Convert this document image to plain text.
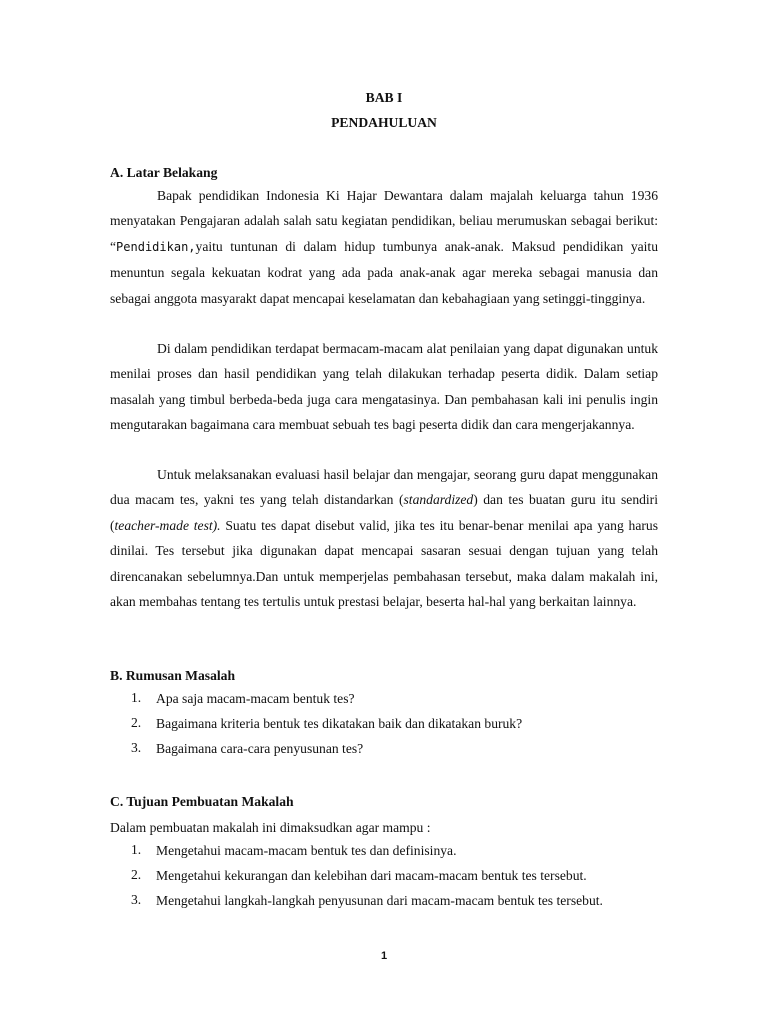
BAB I
PENDAHULUAN
A. Latar Belakang

Bapak pendidikan Indonesia Ki Hajar Dewantara dalam majalah keluarga tahun 1936 menyatakan Pengajaran adalah salah satu kegiatan pendidikan, beliau merumuskan sebagai berikut: “Pendidikan,yaitu tuntunan di dalam hidup tumbunya anak-anak. Maksud pendidikan yaitu menuntun segala kekuatan kodrat yang ada pada anak-anak agar mereka sebagai manusia dan sebagai anggota masyarakt dapat mencapai keselamatan dan kebahagiaan yang setinggi-tingginya.

Di dalam pendidikan terdapat bermacam-macam alat penilaian yang dapat digunakan untuk menilai proses dan hasil pendidikan yang telah dilakukan terhadap peserta didik. Dalam setiap masalah yang timbul berbeda-beda juga cara mengatasinya. Dan pembahasan kali ini penulis ingin mengutarakan bagaimana cara membuat sebuah tes bagi peserta didik dan cara mengerjakannya.

Untuk melaksanakan evaluasi hasil belajar dan mengajar, seorang guru dapat menggunakan dua macam tes, yakni tes yang telah distandarkan (standardized) dan tes buatan guru itu sendiri (teacher-made test). Suatu tes dapat disebut valid, jika tes itu benar-benar menilai apa yang harus dinilai. Tes tersebut jika digunakan dapat mencapai sasaran sesuai dengan tujuan yang telah direncanakan sebelumnya.Dan untuk memperjelas pembahasan tersebut, maka dalam makalah ini, akan membahas tentang tes tertulis untuk prestasi belajar, beserta hal-hal yang berkaitan lainnya.

B. Rumusan Masalah
1. Apa saja macam-macam bentuk tes?
2. Bagaimana kriteria bentuk tes dikatakan baik dan dikatakan buruk?
3. Bagaimana cara-cara penyusunan tes?
C. Tujuan Pembuatan Makalah
Dalam pembuatan makalah ini dimaksudkan agar mampu :
1. Mengetahui macam-macam bentuk tes dan definisinya.
2. Mengetahui kekurangan dan kelebihan dari macam-macam bentuk tes tersebut.
3. Mengetahui langkah-langkah penyusunan dari macam-macam bentuk tes tersebut.
1
